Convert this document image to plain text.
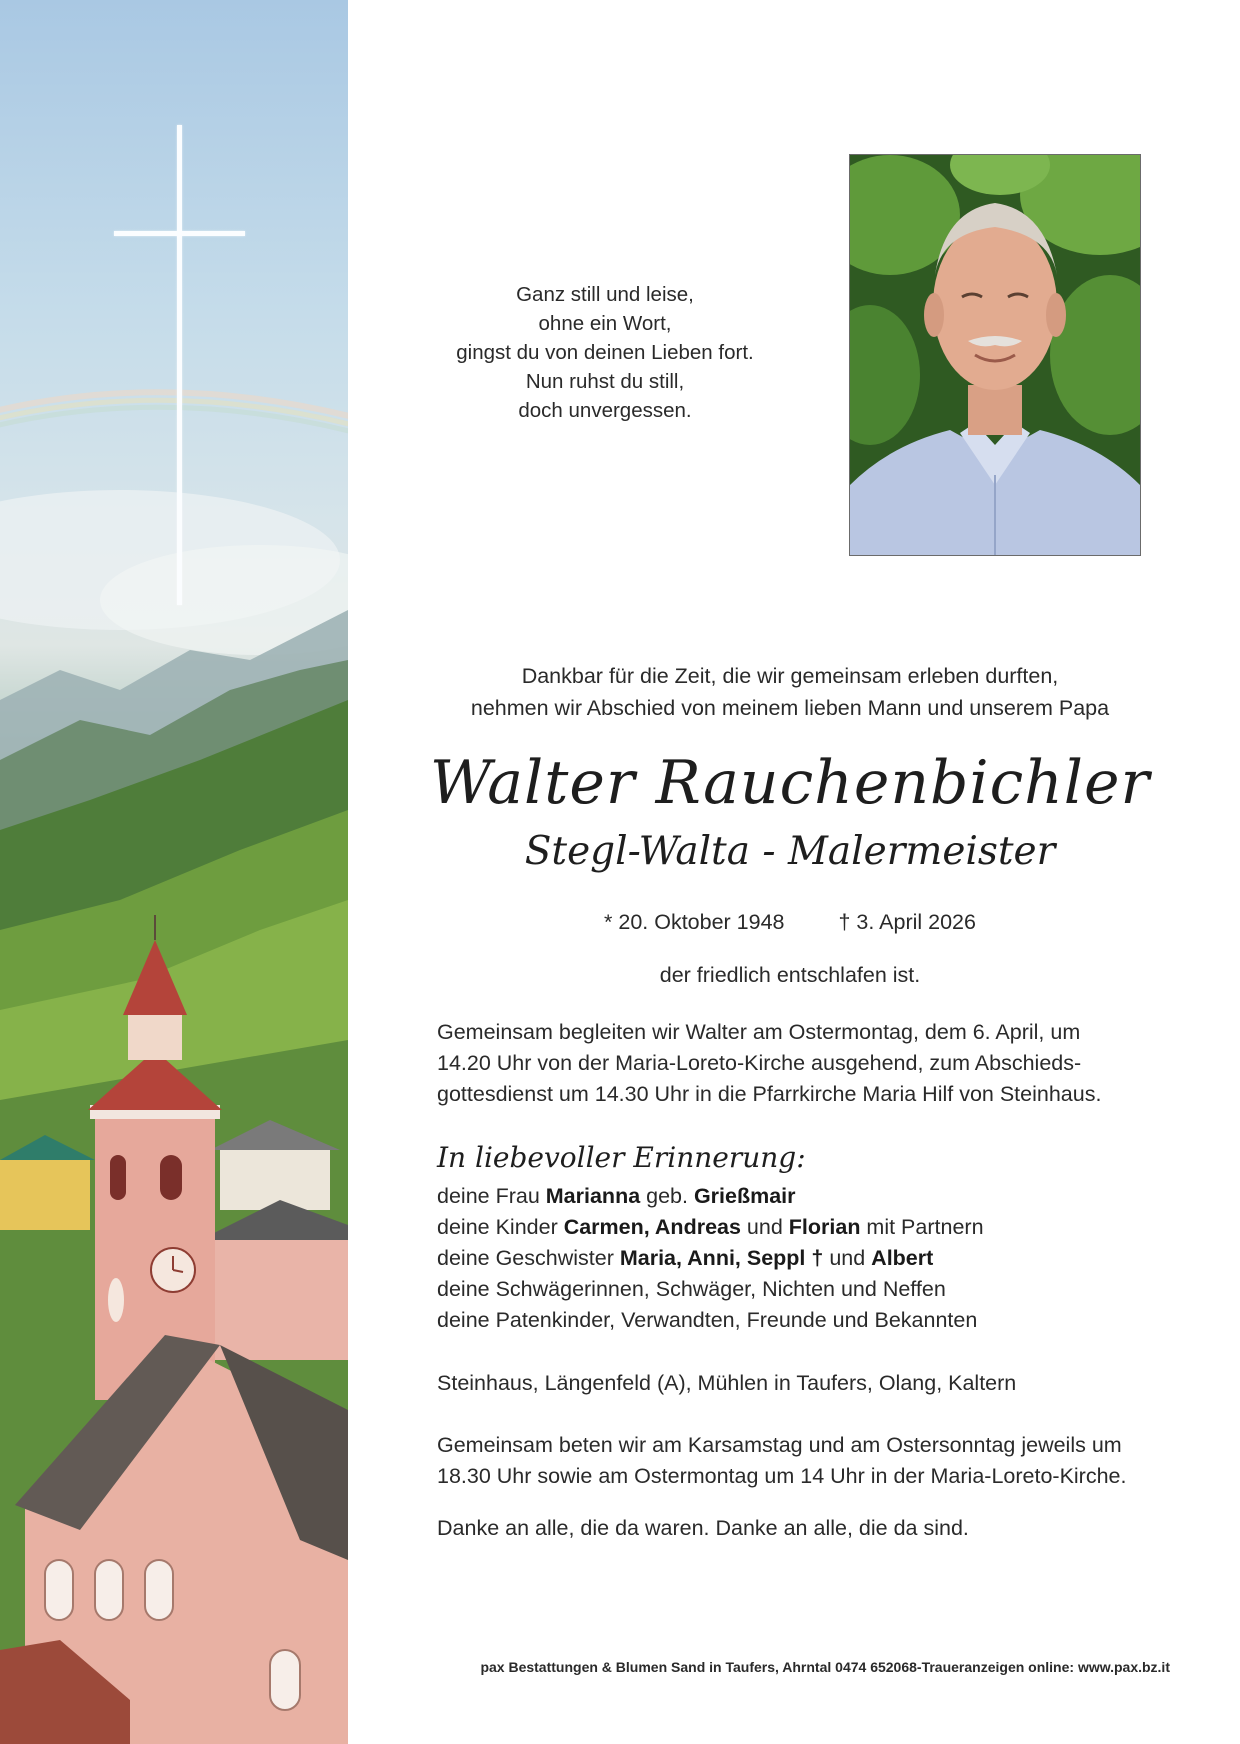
Ganz still und leise,
ohne ein Wort,
gingst du von deinen Lieben fort.
Nun ruhst du still,
doch unvergessen.
Dankbar für die Zeit, die wir gemeinsam erleben durften,
nehmen wir Abschied von meinem lieben Mann und unserem Papa
Walter Rauchenbichler
Stegl-Walta - Malermeister
* 20. Oktober 1948	† 3. April 2026
der friedlich entschlafen ist.
Gemeinsam begleiten wir Walter am Ostermontag, dem 6. April, um
14.20 Uhr von der Maria-Loreto-Kirche ausgehend, zum Abschieds-
gottesdienst um 14.30 Uhr in die Pfarrkirche Maria Hilf von Steinhaus.
In liebevoller Erinnerung:
deine Frau Marianna geb. Grießmair
deine Kinder Carmen, Andreas und Florian mit Partnern
deine Geschwister Maria, Anni, Seppl † und Albert
deine Schwägerinnen, Schwäger, Nichten und Neffen
deine Patenkinder, Verwandten, Freunde und Bekannten
Steinhaus, Längenfeld (A), Mühlen in Taufers, Olang, Kaltern
Gemeinsam beten wir am Karsamstag und am Ostersonntag jeweils um
18.30 Uhr sowie am Ostermontag um 14 Uhr in der Maria-Loreto-Kirche.
Danke an alle, die da waren. Danke an alle, die da sind.
pax Bestattungen & Blumen Sand in Taufers, Ahrntal 0474 652068-Traueranzeigen online: www.pax.bz.it
